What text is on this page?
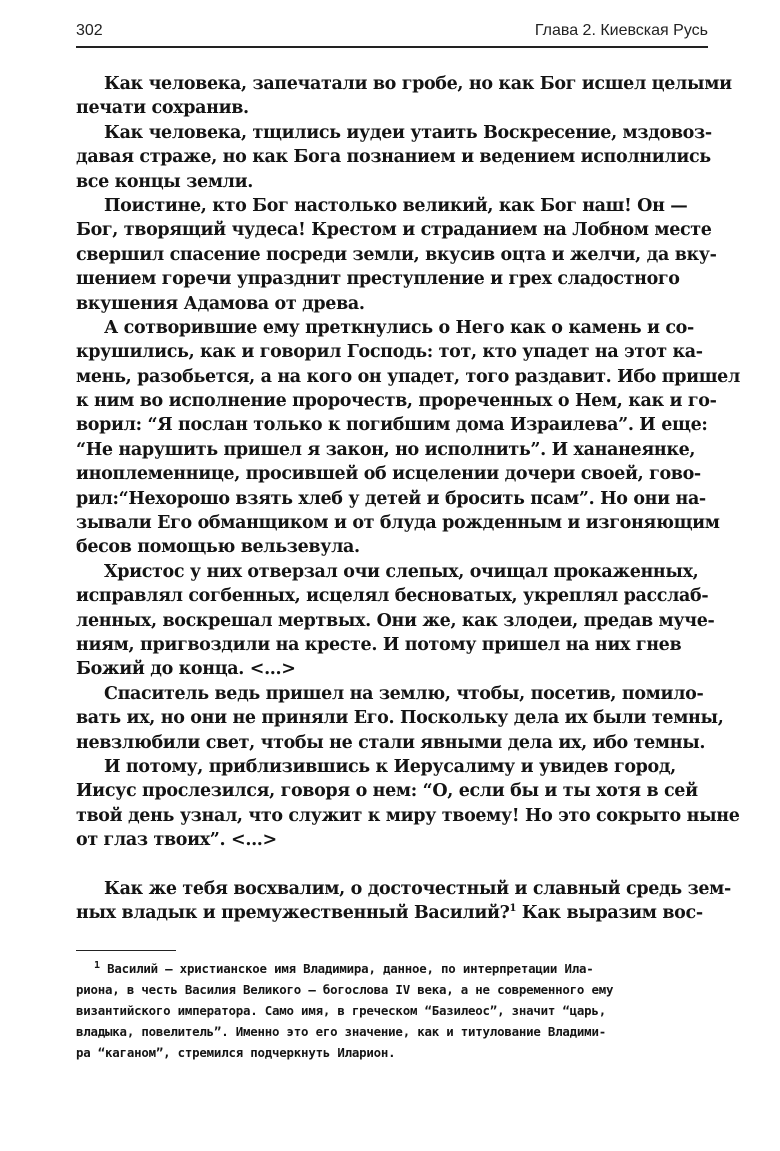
302	Глава 2. Киевская Русь
Как человека, запечатали во гробе, но как Бог исшел целыми
печати сохранив.
Как человека, тщились иудеи утаить Воскресение, мздовоз-
давая страже, но как Бога познанием и ведением исполнились
все концы земли.
Поистине, кто Бог настолько великий, как Бог наш! Он —
Бог, творящий чудеса! Крестом и страданием на Лобном месте
свершил спасение посреди земли, вкусив оцта и желчи, да вку-
шением горечи упразднит преступление и грех сладостного
вкушения Адамова от древа.
А сотворившие ему преткнулись о Него как о камень и со-
крушились, как и говорил Господь: тот, кто упадет на этот ка-
мень, разобьется, а на кого он упадет, того раздавит. Ибо пришел
к ним во исполнение пророчеств, прореченных о Нем, как и го-
ворил: “Я послан только к погибшим дома Израилева”. И еще:
“Не нарушить пришел я закон, но исполнить”. И хананеянке,
иноплеменнице, просившей об исцелении дочери своей, гово-
рил:“Нехорошо взять хлеб у детей и бросить псам”. Но они на-
зывали Его обманщиком и от блуда рожденным и изгоняющим
бесов помощью вельзевула.
Христос у них отверзал очи слепых, очищал прокаженных,
исправлял согбенных, исцелял бесноватых, укреплял расслаб-
ленных, воскрешал мертвых. Они же, как злодеи, предав муче-
ниям, пригвоздили на кресте. И потому пришел на них гнев
Божий до конца. <...>
Спаситель ведь пришел на землю, чтобы, посетив, помило-
вать их, но они не приняли Его. Поскольку дела их были темны,
невзлюбили свет, чтобы не стали явными дела их, ибо темны.
И потому, приблизившись к Иерусалиму и увидев город,
Иисус прослезился, говоря о нем: “О, если бы и ты хотя в сей
твой день узнал, что служит к миру твоему! Но это сокрыто ныне
от глаз твоих”. <...>
Как же тебя восхвалим, о досточестный и славный средь зем-
ных владык и премужественный Василий?$^1$ Как выразим вос-
$^1$ Василий — христианское имя Владимира, данное, по интерпретации Ила-
риона, в честь Василия Великого — богослова IV века, а не современного ему
византийского императора. Само имя, в греческом “Базилеос”, значит “царь,
владыка, повелитель”. Именно это его значение, как и титулование Владими-
ра “каганом”, стремился подчеркнуть Иларион.
